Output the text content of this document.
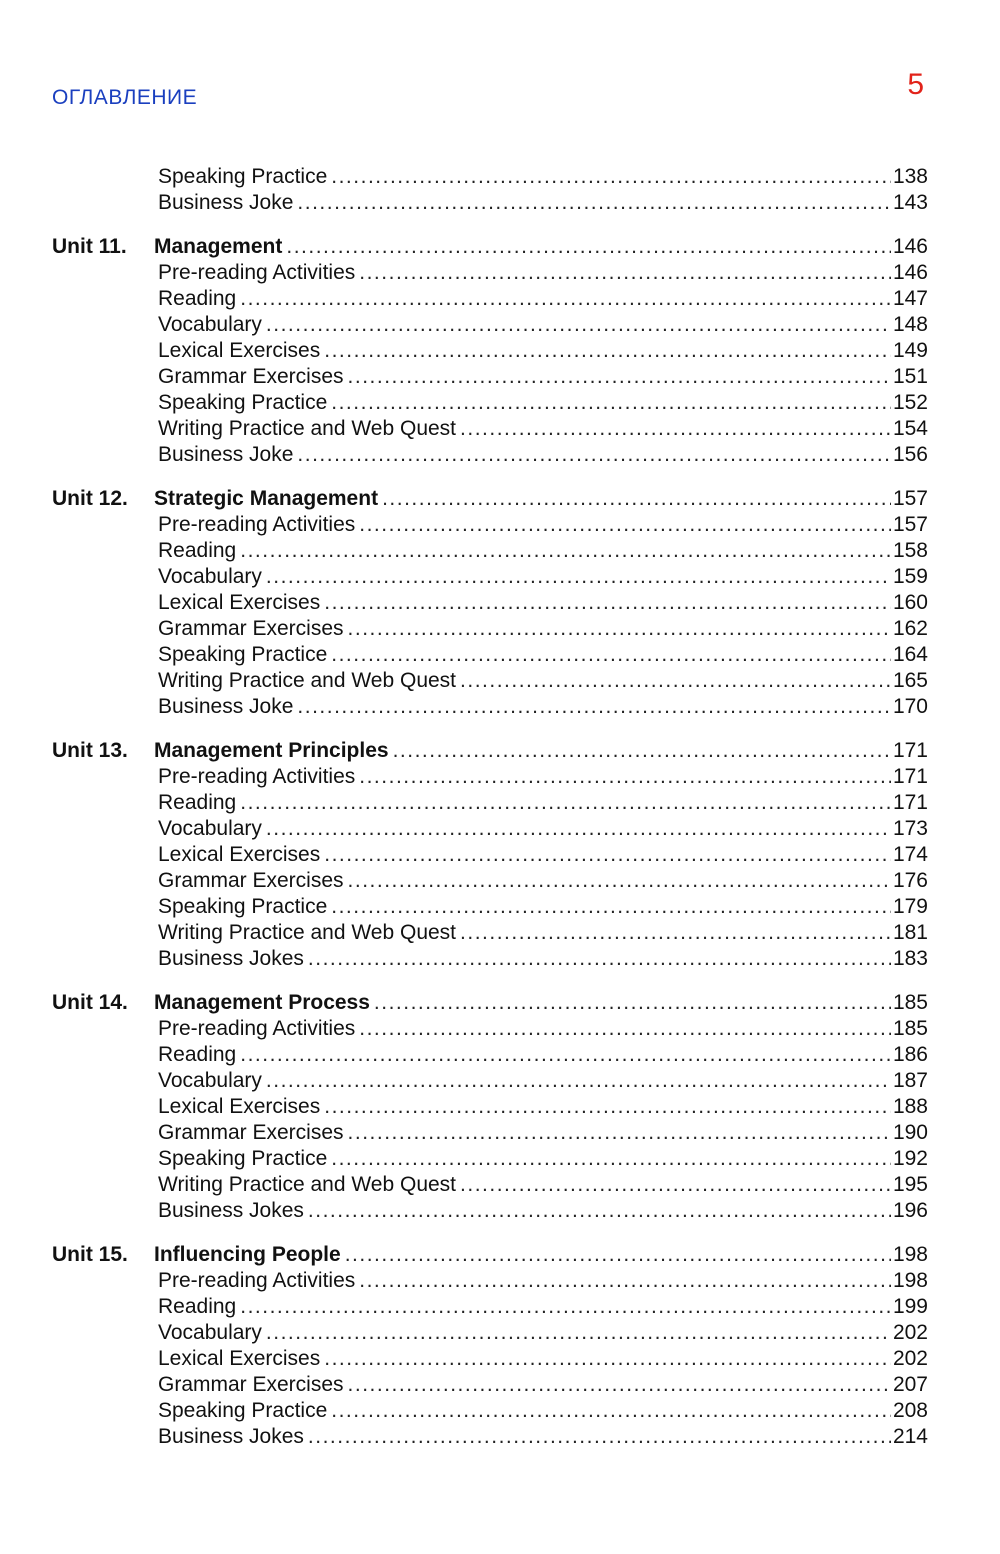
ОГЛАВЛЕНИЕ	5
Speaking Practice .....	138
Business Joke .....	143
Unit 11. Management .....	146
Pre-reading Activities .....	146
Reading .....	147
Vocabulary .....	148
Lexical Exercises .....	149
Grammar Exercises .....	151
Speaking Practice .....	152
Writing Practice and Web Quest .....	154
Business Joke .....	156
Unit 12. Strategic Management .....	157
Pre-reading Activities .....	157
Reading .....	158
Vocabulary .....	159
Lexical Exercises .....	160
Grammar Exercises .....	162
Speaking Practice .....	164
Writing Practice and Web Quest .....	165
Business Joke .....	170
Unit 13. Management Principles .....	171
Pre-reading Activities .....	171
Reading .....	171
Vocabulary .....	173
Lexical Exercises .....	174
Grammar Exercises .....	176
Speaking Practice .....	179
Writing Practice and Web Quest .....	181
Business Jokes .....	183
Unit 14. Management Process .....	185
Pre-reading Activities .....	185
Reading .....	186
Vocabulary .....	187
Lexical Exercises .....	188
Grammar Exercises .....	190
Speaking Practice .....	192
Writing Practice and Web Quest .....	195
Business Jokes .....	196
Unit 15. Influencing People .....	198
Pre-reading Activities .....	198
Reading .....	199
Vocabulary .....	202
Lexical Exercises .....	202
Grammar Exercises .....	207
Speaking Practice .....	208
Business Jokes .....	214
